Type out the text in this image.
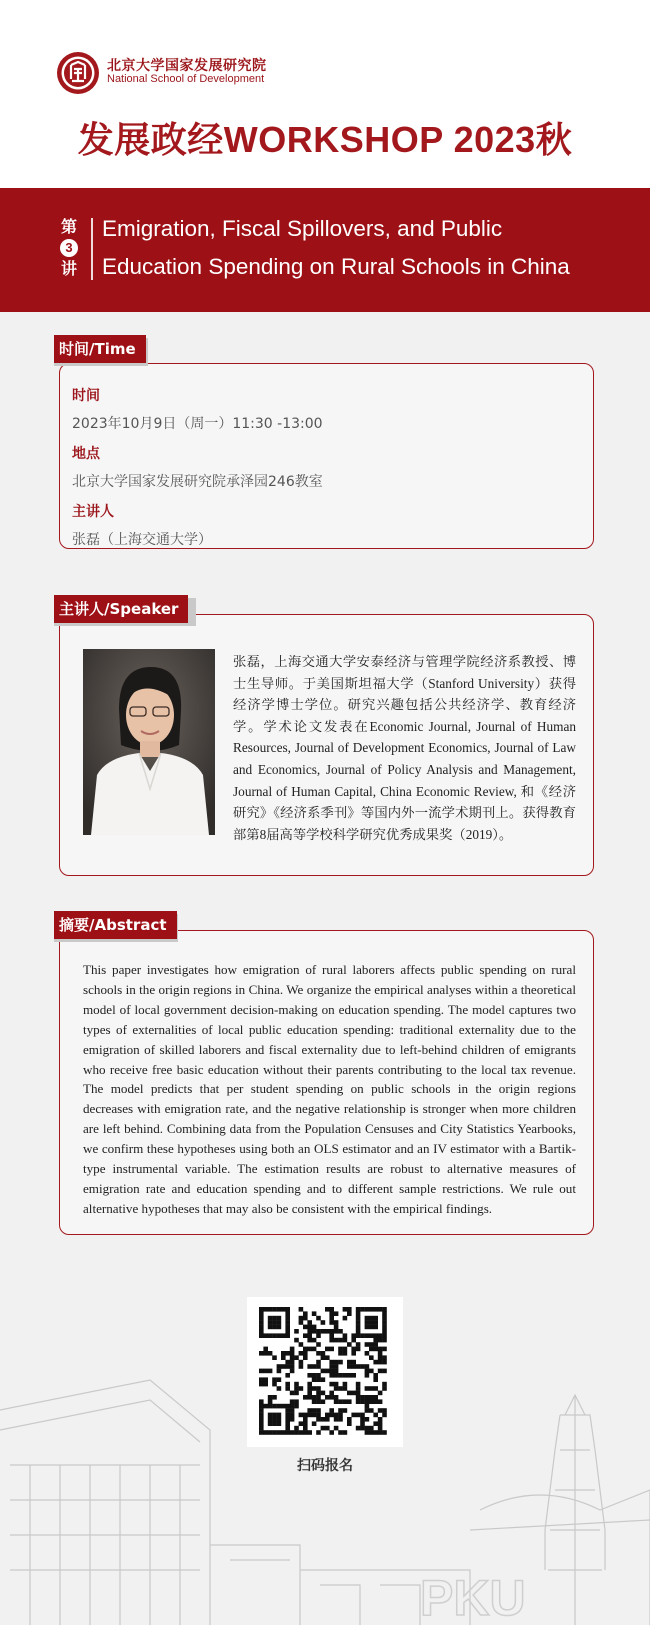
北京大学国家发展研究院
National School of Development
发展政经WORKSHOP 2023秋
第
3
讲
Emigration, Fiscal Spillovers, and Public
Education Spending on Rural Schools in China
时间/Time
时间
2023年10月9日（周一）11:30 -13:00
地点
北京大学国家发展研究院承泽园246教室
主讲人
张磊（上海交通大学）
主讲人/Speaker
张磊，上海交通大学安泰经济与管理学院经济系教授、博士生导师。于美国斯坦福大学（Stanford University）获得经济学博士学位。研究兴趣包括公共经济学、教育经济学。学术论文发表在Economic Journal, Journal of Human Resources, Journal of Development Economics, Journal of Law and Economics, Journal of Policy Analysis and Management, Journal of Human Capital, China Economic Review, 和《经济研究》《经济系季刊》等国内外一流学术期刊上。获得教育部第8届高等学校科学研究优秀成果奖（2019）。
摘要/Abstract
This paper investigates how emigration of rural laborers affects public spending on rural schools in the origin regions in China. We organize the empirical analyses within a theoretical model of local government decision-making on education spending. The model captures two types of externalities of local public education spending: traditional externality due to the emigration of skilled laborers and fiscal externality due to left-behind children of emigrants who receive free basic education without their parents contributing to the local tax revenue. The model predicts that per student spending on public schools in the origin regions decreases with emigration rate, and the negative relationship is stronger when more children are left behind. Combining data from the Population Censuses and City Statistics Yearbooks, we confirm these hypotheses using both an OLS estimator and an IV estimator with a Bartik-type instrumental variable. The estimation results are robust to alternative measures of emigration rate and education spending and to different sample restrictions. We rule out alternative hypotheses that may also be consistent with the empirical findings.
PKU
扫码报名
